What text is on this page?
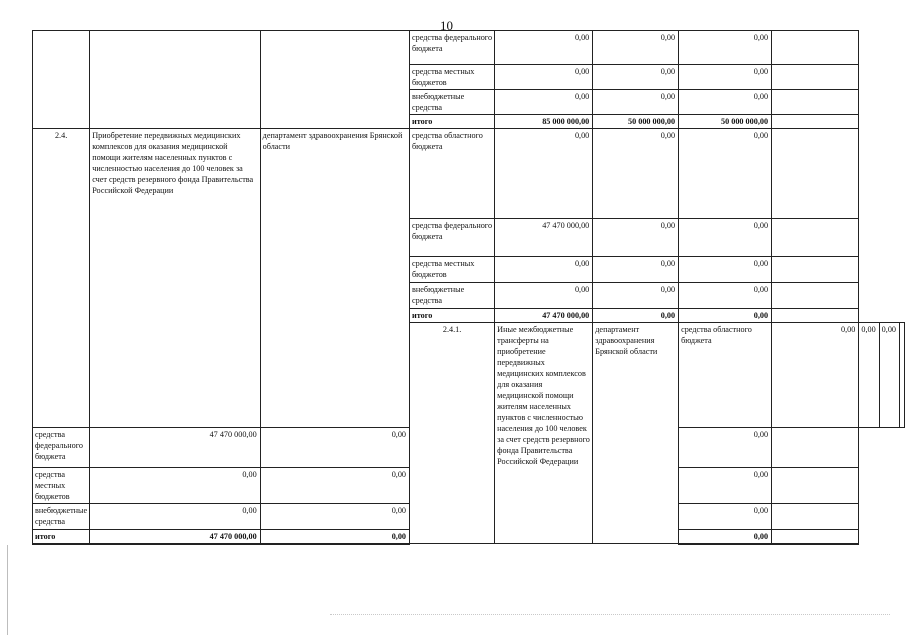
10

			средства федерального бюджета	0,00	0,00	0,00				
			средства местных бюджетов	0,00	0,00	0,00				
			внебюджетные средства	0,00	0,00	0,00				
			итого	85 000 000,00	50 000 000,00	50 000 000,00				
2.4.	Приобретение передвижных медицинских комплексов для оказания медицинской помощи жителям населенных пунктов с численностью населения до 100 человек за счет средств резервного фонда Правительства Российской Федерации	департамент здравоохранения Брянской области	средства областного бюджета	0,00	0,00	0,00				
			средства федерального бюджета	47 470 000,00	0,00	0,00				
			средства местных бюджетов	0,00	0,00	0,00				
			внебюджетные средства	0,00	0,00	0,00				
			итого	47 470 000,00	0,00	0,00				
			2.4.1.	Иные межбюджетные трансферты на приобретение передвижных медицинских комплексов для оказания медицинской помощи жителям населенных пунктов с численностью населения до 100 человек за счет средств резервного фонда Правительства Российской Федерации	департамент здравоохранения Брянской области	средства областного бюджета	0,00	0,00	0,00	
средства федерального бюджета	47 470 000,00	0,00				0,00				
средства местных бюджетов	0,00	0,00				0,00				
внебюджетные средства	0,00	0,00				0,00				
итого	47 470 000,00	0,00				0,00				
